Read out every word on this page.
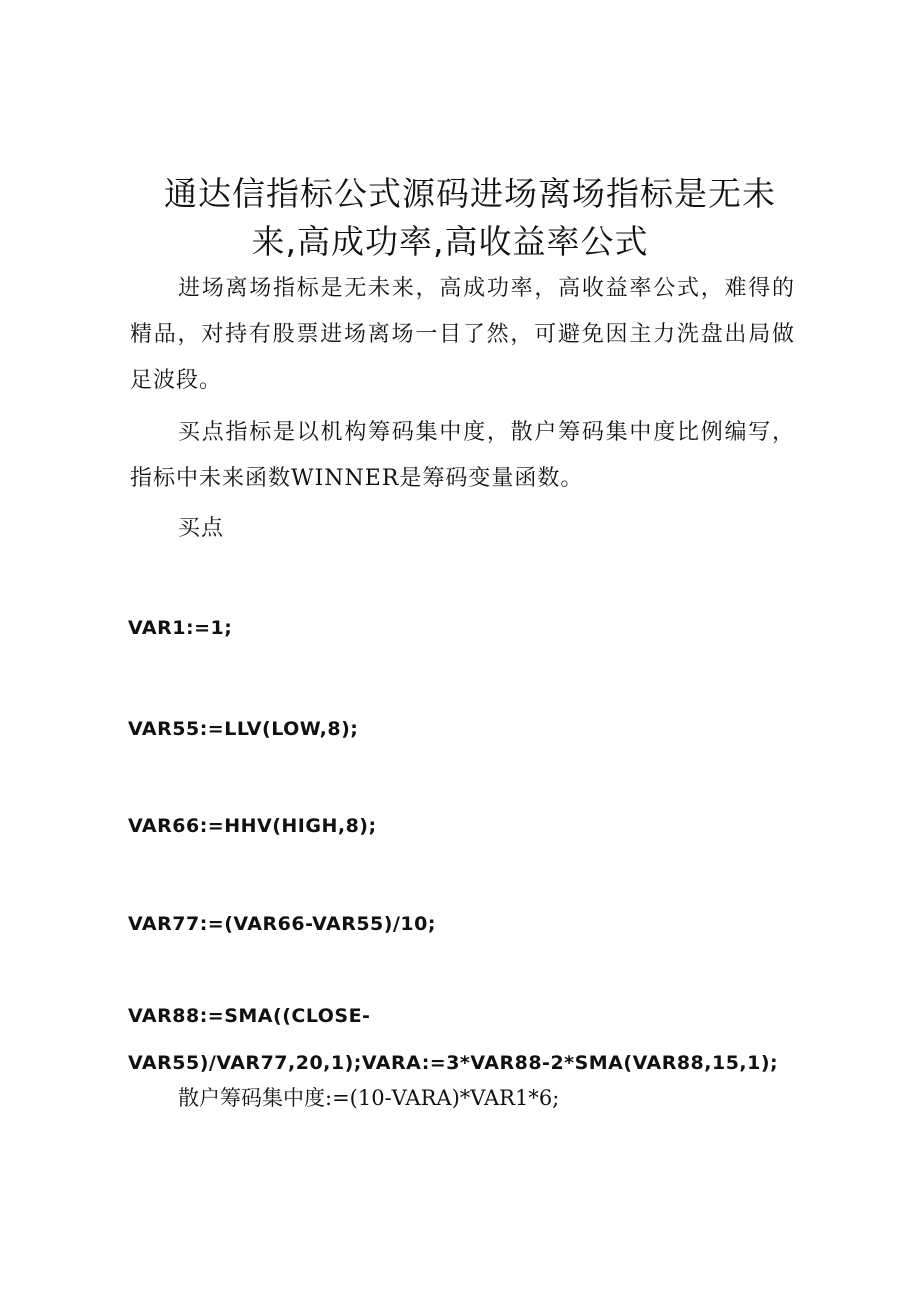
通达信指标公式源码进场离场指标是无未
来,高成功率,高收益率公式
进场离场指标是无未来，高成功率，高收益率公式，难得的精品，对持有股票进场离场一目了然，可避免因主力洗盘出局做足波段。
买点指标是以机构筹码集中度，散户筹码集中度比例编写，指标中未来函数WINNER是筹码变量函数。
买点
VAR1:=1;
VAR55:=LLV(LOW,8);
VAR66:=HHV(HIGH,8);
VAR77:=(VAR66-VAR55)/10;
VAR88:=SMA((CLOSE-
VAR55)/VAR77,20,1);VARA:=3*VAR88-2*SMA(VAR88,15,1);
散户筹码集中度:=(10-VARA)*VAR1*6;
